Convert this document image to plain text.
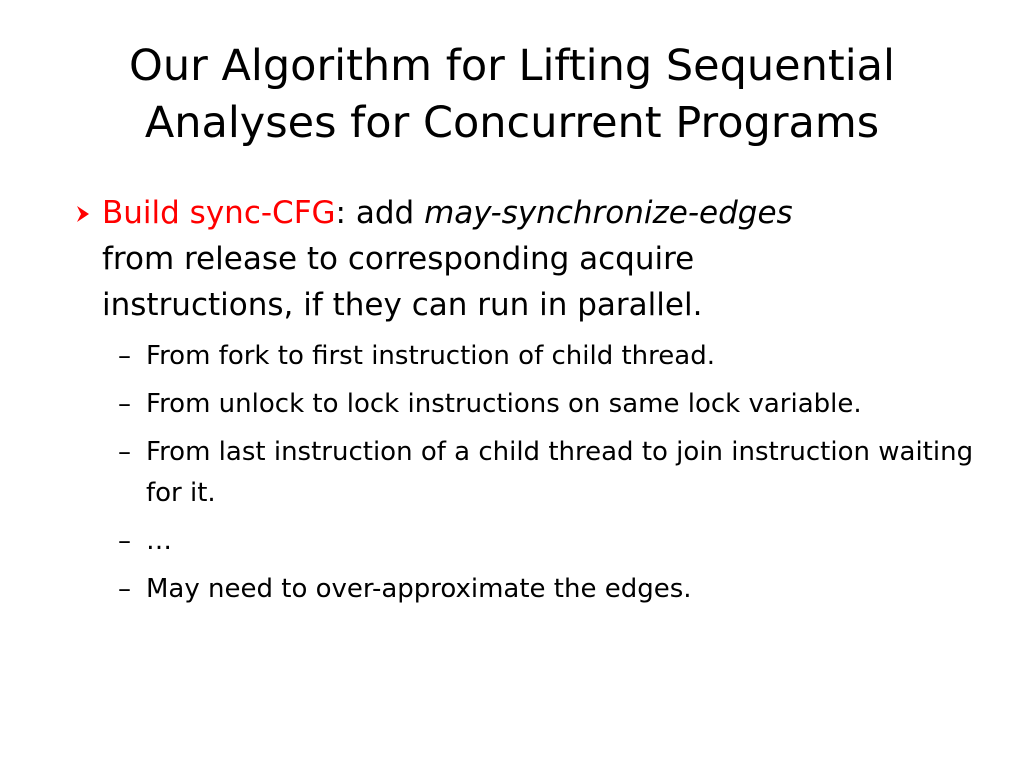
Our Algorithm for Lifting Sequential
Analyses for Concurrent Programs
Build sync-CFG: add may-synchronize-edges
from release to corresponding acquire
instructions, if they can run in parallel.
– From fork to first instruction of child thread.
– From unlock to lock instructions on same lock variable.
– From last instruction of a child thread to join instruction waiting for it.
– …
– May need to over-approximate the edges.
